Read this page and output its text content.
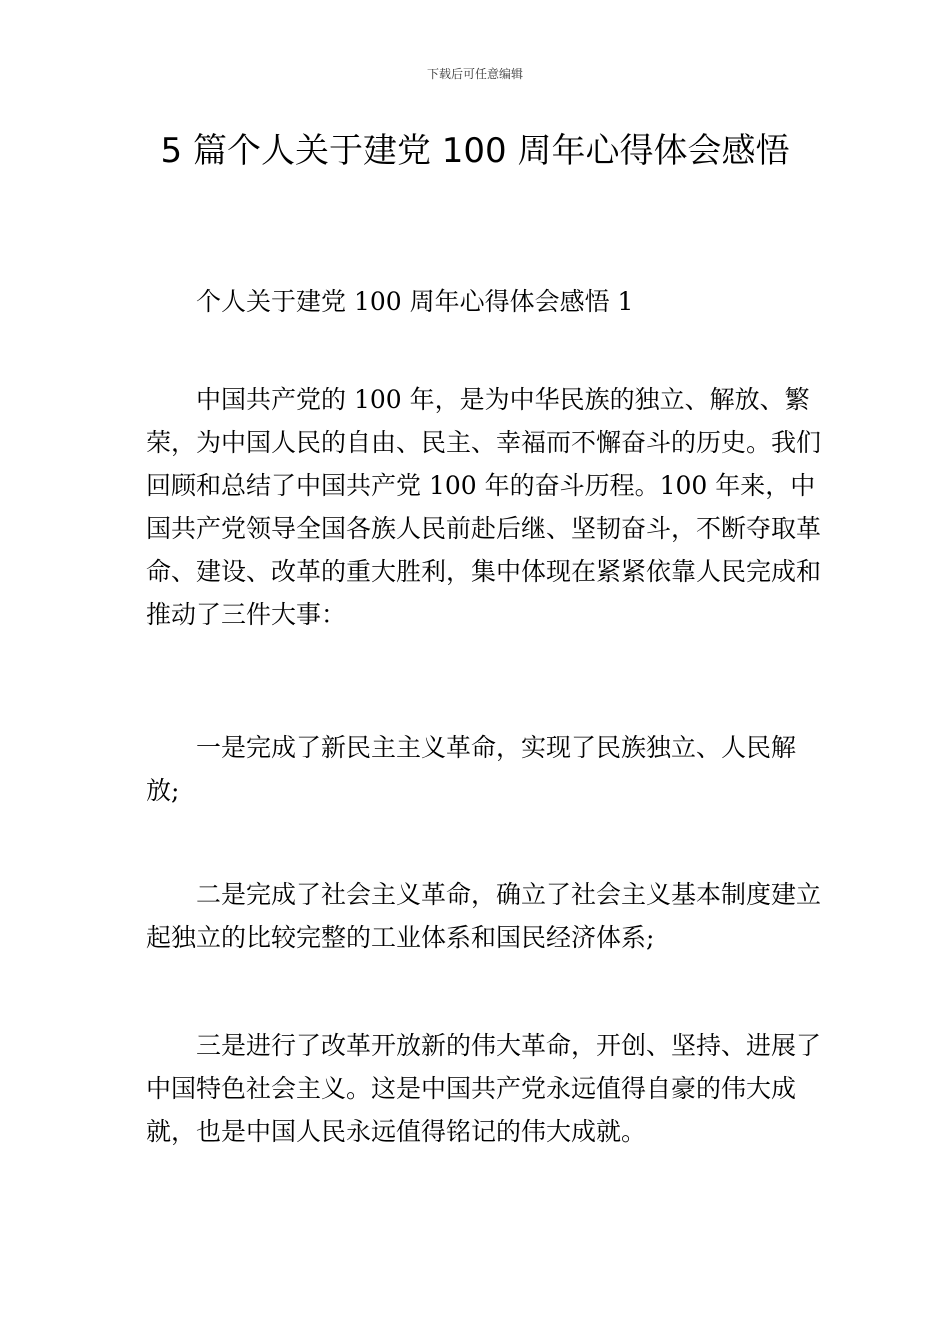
下载后可任意编辑
5 篇个人关于建党 100 周年心得体会感悟

个人关于建党 100 周年心得体会感悟 1

中国共产党的 100 年，是为中华民族的独立、解放、繁荣，为中国人民的自由、民主、幸福而不懈奋斗的历史。我们回顾和总结了中国共产党 100 年的奋斗历程。100 年来，中国共产党领导全国各族人民前赴后继、坚韧奋斗，不断夺取革命、建设、改革的重大胜利，集中体现在紧紧依靠人民完成和推动了三件大事：

一是完成了新民主主义革命，实现了民族独立、人民解放;

二是完成了社会主义革命，确立了社会主义基本制度建立起独立的比较完整的工业体系和国民经济体系;

三是进行了改革开放新的伟大革命，开创、坚持、进展了中国特色社会主义。这是中国共产党永远值得自豪的伟大成就，也是中国人民永远值得铭记的伟大成就。
